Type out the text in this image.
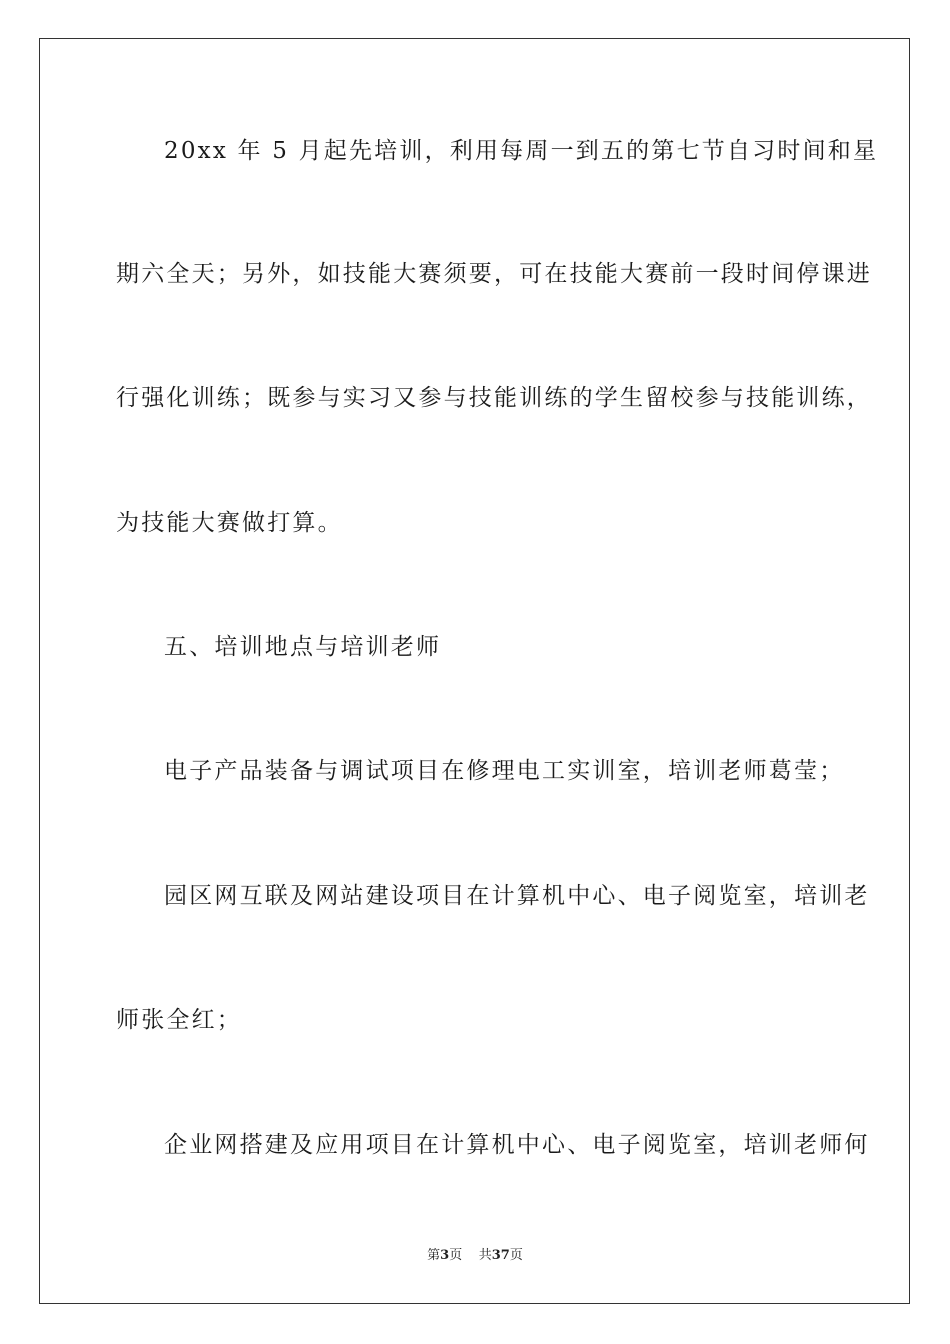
20xx 年 5 月起先培训，利用每周一到五的第七节自习时间和星
期六全天；另外，如技能大赛须要，可在技能大赛前一段时间停课进
行强化训练；既参与实习又参与技能训练的学生留校参与技能训练，
为技能大赛做打算。
五、培训地点与培训老师
电子产品装备与调试项目在修理电工实训室，培训老师葛莹；
园区网互联及网站建设项目在计算机中心、电子阅览室，培训老
师张全红；
企业网搭建及应用项目在计算机中心、电子阅览室，培训老师何
第3页 共37页
